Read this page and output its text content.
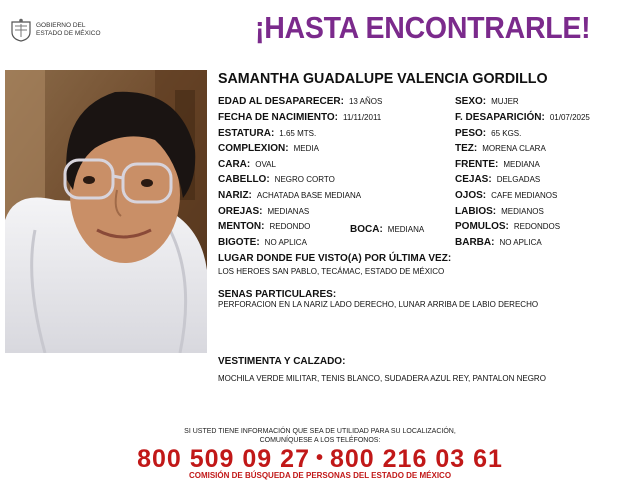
GOBIERNO DEL
ESTADO DE MÉXICO	¡HASTA ENCONTRARLE!
SAMANTHA GUADALUPE VALENCIA GORDILLO
EDAD AL DESAPARECER: 13 AÑOS
FECHA DE NACIMIENTO: 11/11/2011
ESTATURA: 1.65 MTS.
COMPLEXION: MEDIA
CARA: OVAL
CABELLO: NEGRO CORTO
NARIZ: ACHATADA BASE MEDIANA
OREJAS: MEDIANAS
MENTON: REDONDO	BOCA: MEDIANA
BIGOTE: NO APLICA
SEXO: MUJER
F. DESAPARICIÓN: 01/07/2025
PESO: 65 KGS.
TEZ: MORENA CLARA
FRENTE: MEDIANA
CEJAS: DELGADAS
OJOS: CAFE MEDIANOS
LABIOS: MEDIANOS
POMULOS: REDONDOS
BARBA: NO APLICA
LUGAR DONDE FUE VISTO(A) POR ÚLTIMA VEZ:
LOS HEROES SAN PABLO, TECÁMAC, ESTADO DE MÉXICO
SENAS PARTICULARES:
PERFORACION EN LA NARIZ LADO DERECHO, LUNAR ARRIBA DE LABIO DERECHO
VESTIMENTA Y CALZADO:
MOCHILA VERDE MILITAR, TENIS BLANCO, SUDADERA AZUL REY, PANTALON NEGRO
SI USTED TIENE INFORMACIÓN QUE SEA DE UTILIDAD PARA SU LOCALIZACIÓN,
COMUNÍQUESE A LOS TELÉFONOS:
800 509 09 27 • 800 216 03 61
COMISIÓN DE BÚSQUEDA DE PERSONAS DEL ESTADO DE MÉXICO
